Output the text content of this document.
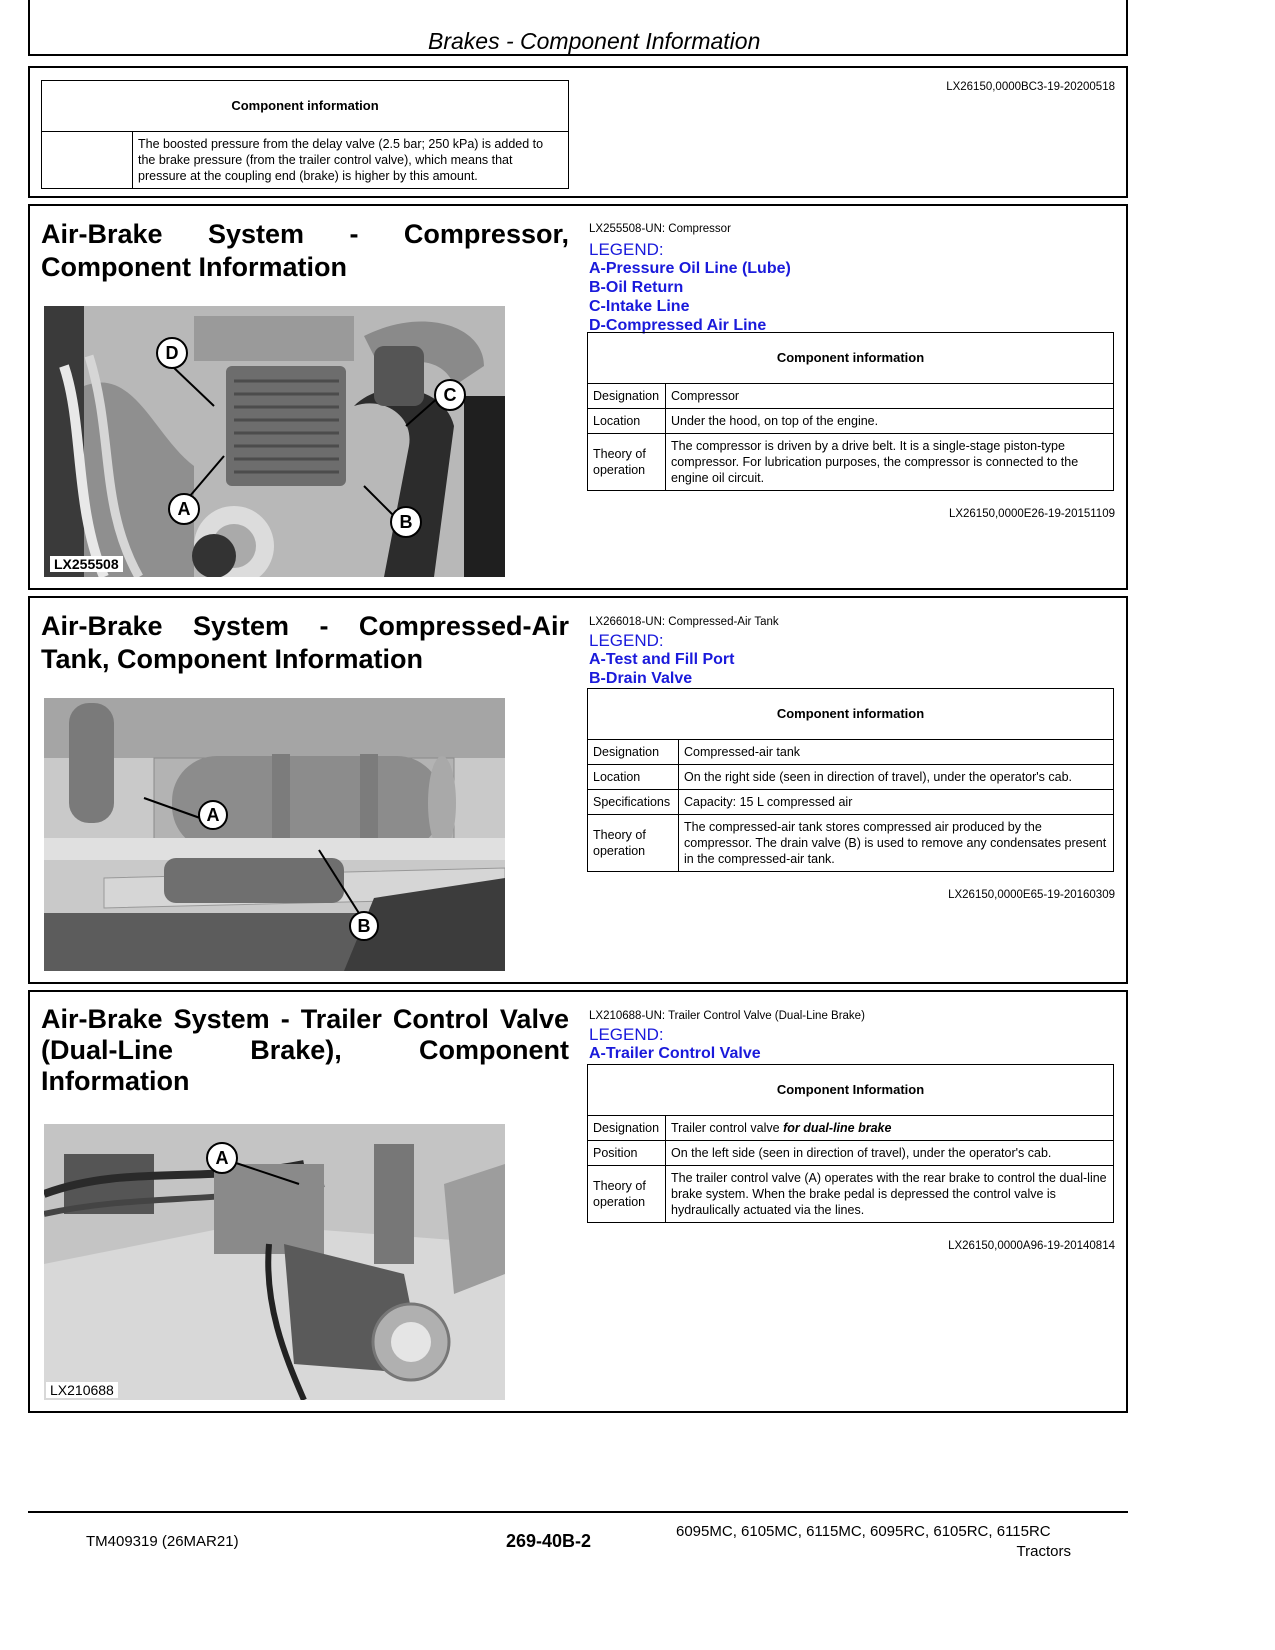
Brakes - Component Information
Component information
	The boosted pressure from the delay valve (2.5 bar; 250 kPa) is added to the brake pressure (from the trailer control valve), which means that pressure at the coupling end (brake) is higher by this amount.
LX26150,0000BC3-19-20200518
Air-Brake System - Compressor, Component Information
LX255508-UN: Compressor
LEGEND:
A-Pressure Oil Line (Lube)
B-Oil Return
C-Intake Line
D-Compressed Air Line
D
A
C
B
LX255508
Component information	
Designation	Compressor
Location	Under the hood, on top of the engine.
Theory of operation	The compressor is driven by a drive belt. It is a single-stage piston-type compressor. For lubrication purposes, the compressor is connected to the engine oil circuit.
LX26150,0000E26-19-20151109
Air-Brake System - Compressed-Air Tank, Component Information
LX266018-UN: Compressed-Air Tank
LEGEND:
A-Test and Fill Port
B-Drain Valve
A
B
Component information	
Designation	Compressed-air tank
Location	On the right side (seen in direction of travel), under the operator's cab.
Specifications	Capacity: 15 L compressed air
Theory of operation	The compressed-air tank stores compressed air produced by the compressor. The drain valve (B) is used to remove any condensates present in the compressed-air tank.
LX26150,0000E65-19-20160309
Air-Brake System - Trailer Control Valve (Dual-Line Brake), Component Information
LX210688-UN: Trailer Control Valve (Dual-Line Brake)
LEGEND:
A-Trailer Control Valve
A
LX210688
Component Information	
Designation	Trailer control valve for dual-line brake
Position	On the left side (seen in direction of travel), under the operator's cab.
Theory of operation	The trailer control valve (A) operates with the rear brake to control the dual-line brake system. When the brake pedal is depressed the control valve is hydraulically actuated via the lines.
LX26150,0000A96-19-20140814
TM409319 (26MAR21)	269-40B-2	6095MC, 6105MC, 6115MC, 6095RC, 6105RC, 6115RC
Tractors
